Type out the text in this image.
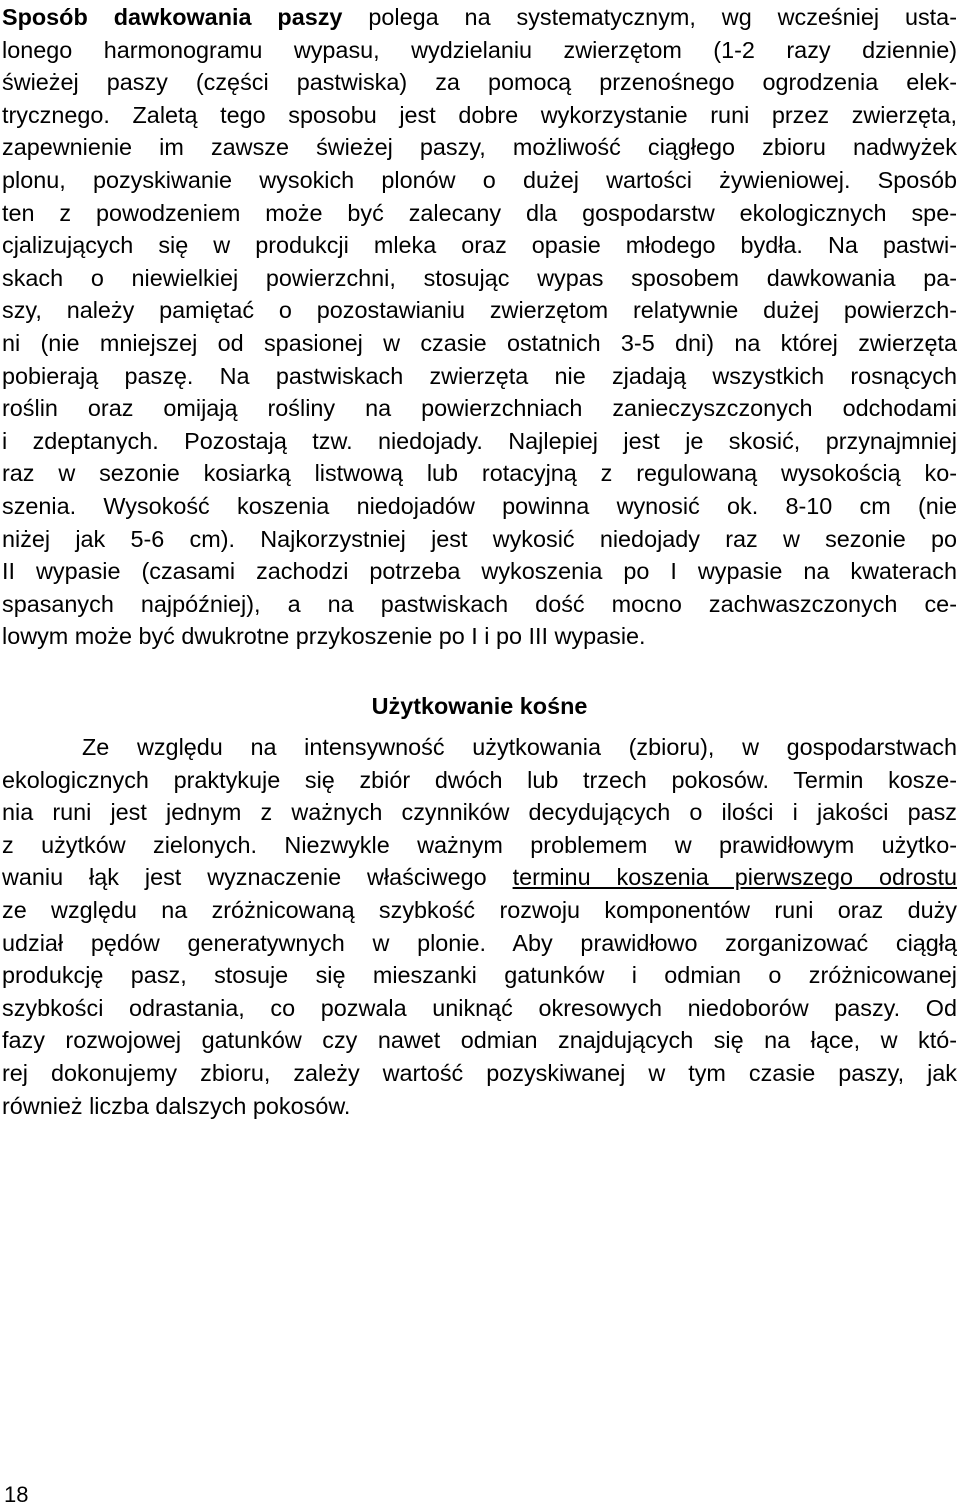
Sposób dawkowania paszy polega na systematycznym, wg wcześniej usta-
lonego harmonogramu wypasu, wydzielaniu zwierzętom (1-2 razy dziennie)
świeżej paszy (części pastwiska) za pomocą przenośnego ogrodzenia elek-
trycznego. Zaletą tego sposobu jest dobre wykorzystanie runi przez zwierzęta,
zapewnienie im zawsze świeżej paszy, możliwość ciągłego zbioru nadwyżek
plonu, pozyskiwanie wysokich plonów o dużej wartości żywieniowej. Sposób
ten z powodzeniem może być zalecany dla gospodarstw ekologicznych spe-
cjalizujących się w produkcji mleka oraz opasie młodego bydła. Na pastwi-
skach o niewielkiej powierzchni, stosując wypas sposobem dawkowania pa-
szy, należy pamiętać o pozostawianiu zwierzętom relatywnie dużej powierzch-
ni (nie mniejszej od spasionej w czasie ostatnich 3-5 dni) na której zwierzęta
pobierają paszę. Na pastwiskach zwierzęta nie zjadają wszystkich rosnących
roślin oraz omijają rośliny na powierzchniach zanieczyszczonych odchodami
i zdeptanych. Pozostają tzw. niedojady. Najlepiej jest je skosić, przynajmniej
raz w sezonie kosiarką listwową lub rotacyjną z regulowaną wysokością ko-
szenia. Wysokość koszenia niedojadów powinna wynosić ok. 8-10 cm (nie
niżej jak 5-6 cm). Najkorzystniej jest wykosić niedojady raz w sezonie po
II wypasie (czasami zachodzi potrzeba wykoszenia po I wypasie na kwaterach
spasanych najpóźniej), a na pastwiskach dość mocno zachwaszczonych ce-
lowym może być dwukrotne przykoszenie po I i po III wypasie.
Użytkowanie kośne
Ze względu na intensywność użytkowania (zbioru), w gospodarstwach
ekologicznych praktykuje się zbiór dwóch lub trzech pokosów. Termin kosze-
nia runi jest jednym z ważnych czynników decydujących o ilości i jakości pasz
z użytków zielonych. Niezwykle ważnym problemem w prawidłowym użytko-
waniu łąk jest wyznaczenie właściwego terminu koszenia pierwszego odrostu
ze względu na zróżnicowaną szybkość rozwoju komponentów runi oraz duży
udział pędów generatywnych w plonie. Aby prawidłowo zorganizować ciągłą
produkcję pasz, stosuje się mieszanki gatunków i odmian o zróżnicowanej
szybkości odrastania, co pozwala uniknąć okresowych niedoborów paszy. Od
fazy rozwojowej gatunków czy nawet odmian znajdujących się na łące, w któ-
rej dokonujemy zbioru, zależy wartość pozyskiwanej w tym czasie paszy, jak
również liczba dalszych pokosów.
18
